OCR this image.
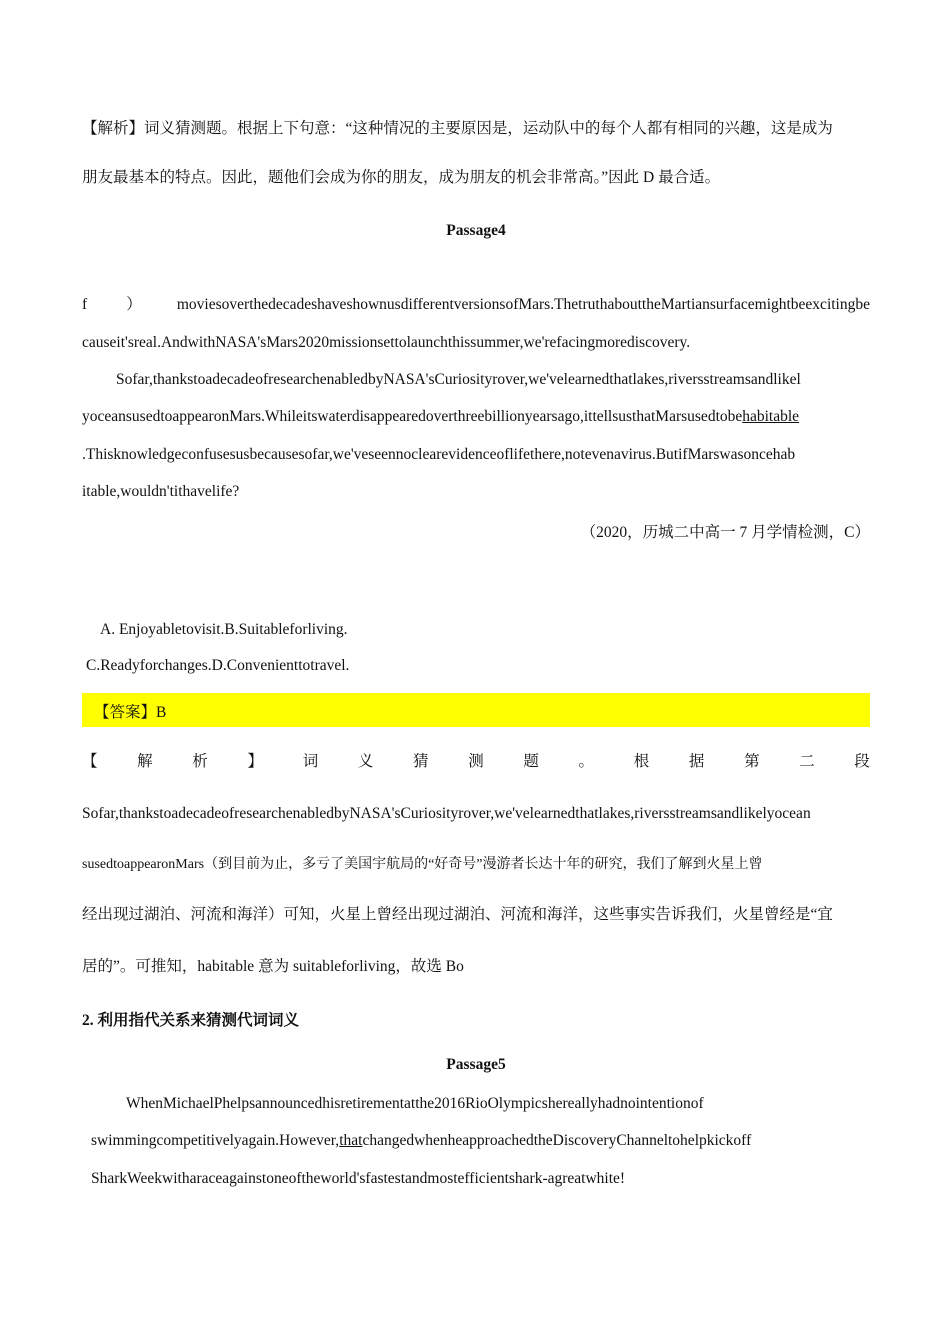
【解析】词义猜测题。根据上下句意：“这种情况的主要原因是，运动队中的每个人都有相同的兴趣，这是成为
朋友最基本的特点。因此，题他们会成为你的朋友，成为朋友的机会非常高。”因此 D 最合适。
Passage4
f ）moviesoverthedecadeshaveshownusdifferentversionsofMars.ThetruthabouttheMartiansurfacemightbeexcitingbe
causeit'sreal.AndwithNASA'sMars2020missionsettolaunchthissummer,we'refacingmorediscovery.
Sofar,thankstoadecadeofresearchenabledbyNASA'sCuriosityrover,we'velearnedthatlakes,riversstreamsandlikel
yoceansusedtoappearonMars.Whileitswaterdisappearedoverthreebillionyearsago,ittellsusthatMarsusedtobehabitable
.Thisknowledgeconfusesusbecausesofar,we'veseennoclearevidenceoflifethere,notevenavirus.ButifMarswasoncehab
itable,wouldn'tithavelife?
（2020，历城二中高一 7 月学情检测，C）
A. Enjoyabletovisit.B.Suitableforliving.
C.Readyforchanges.D.Convenienttotravel.
【答案】B
【	解	析	】	词	义	猜	测	题	。	根	据	第	二	段
Sofar,thankstoadecadeofresearchenabledbyNASA'sCuriosityrover,we'velearnedthatlakes,riversstreamsandlikelyocean
susedtoappearonMars（到目前为止，多亏了美国宇航局的“好奇号”漫游者长达十年的研究，我们了解到火星上曾
经出现过湖泊、河流和海洋）可知，火星上曾经出现过湖泊、河流和海洋，这些事实告诉我们，火星曾经是“宜
居的”。可推知，habitable 意为 suitableforliving，故选 Bo
2. 利用指代关系来猜测代词词义
Passage5
WhenMichaelPhelpsannouncedhisretirementatthe2016RioOlympicshereallyhadnointentionof
swimmingcompetitivelyagain.However,thatchangedwhenheapproachedtheDiscoveryChanneltohelpkickoff
SharkWeekwitharaceagainstoneoftheworld'sfastestandmostefficientshark-agreatwhite!
